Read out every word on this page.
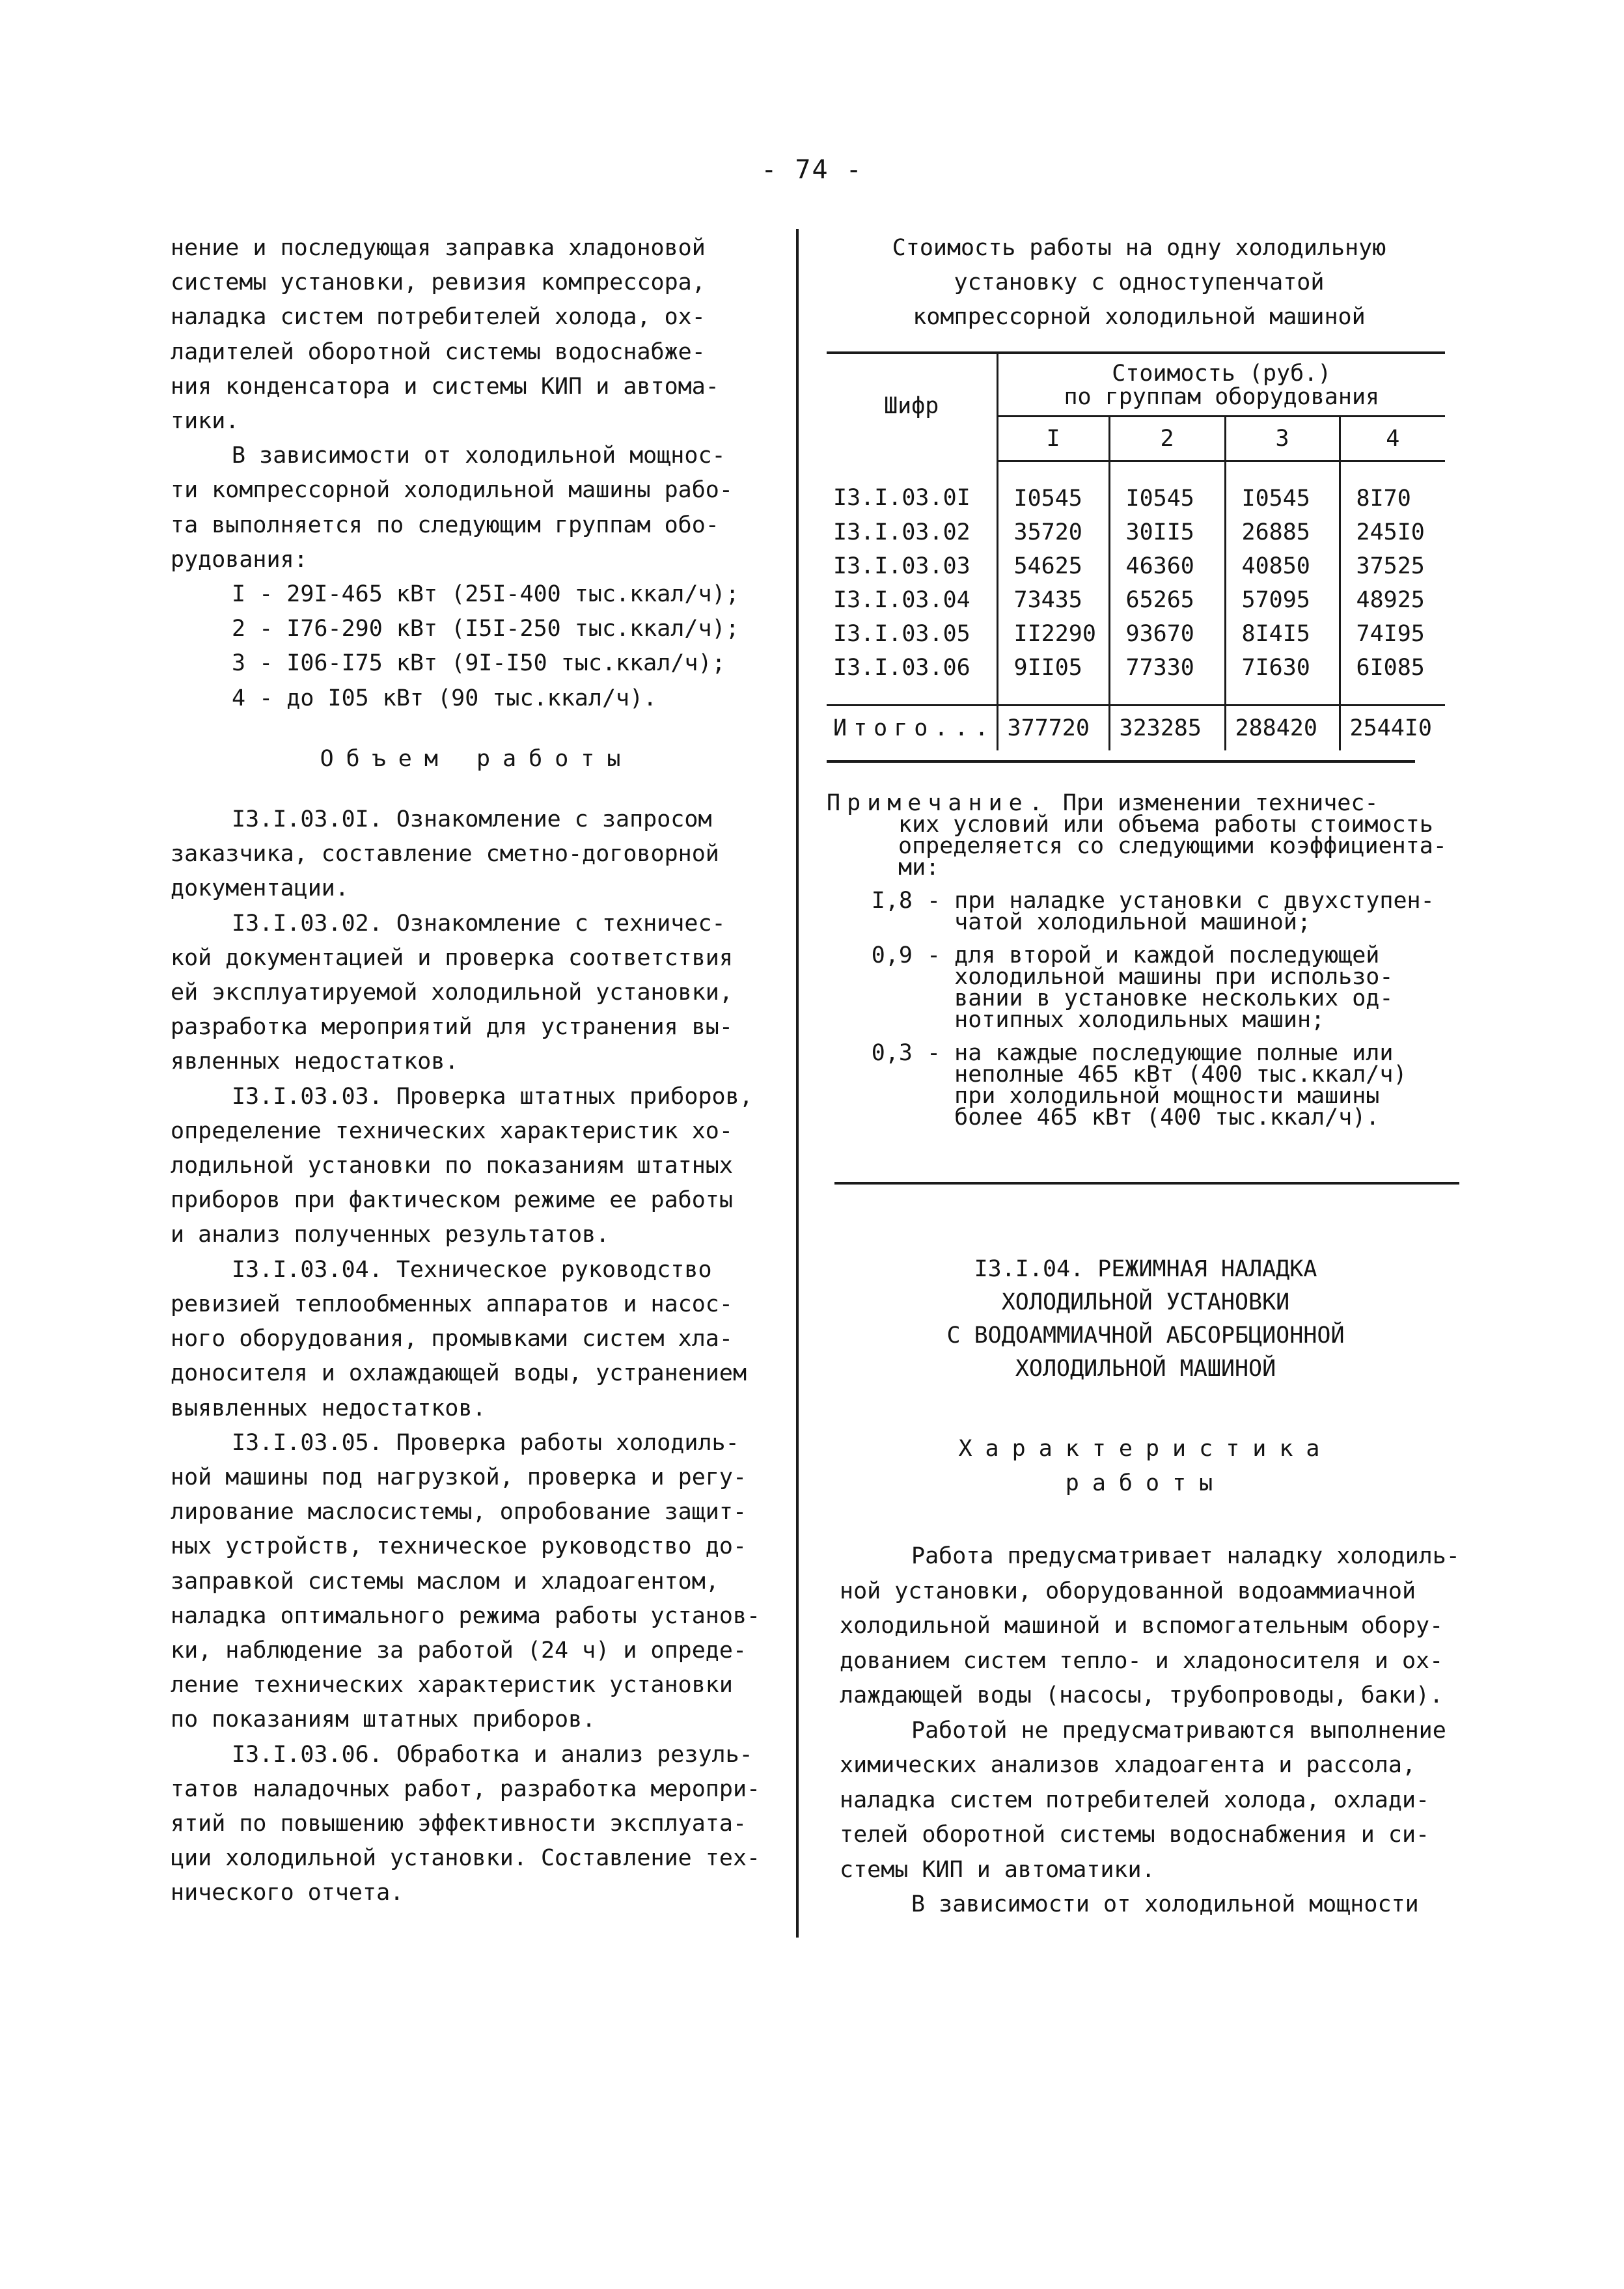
- 74 -

нение и последующая заправка хладоновой

системы установки, ревизия компрессора,

наладка систем потребителей холода, ох-

ладителей оборотной системы водоснабже-

ния конденсатора и системы КИП и автома-

тики.

В зависимости от холодильной мощнос-

ти компрессорной холодильной машины рабо-

та выполняется по следующим группам обо-

рудования:

I - 29I-465 кВт (25I-400 тыс.ккал/ч);

2 - I76-290 кВт (I5I-250 тыс.ккал/ч);

3 - I06-I75 кВт (9I-I50 тыс.ккал/ч);

4 - до I05 кВт (90 тыс.ккал/ч).

Объем работы

I3.I.03.0I. Ознакомление с запросом

заказчика, составление сметно-договорной

документации.

I3.I.03.02. Ознакомление с техничес-

кой документацией и проверка соответствия

ей эксплуатируемой холодильной установки,

разработка мероприятий для устранения вы-

явленных недостатков.

I3.I.03.03. Проверка штатных приборов,

определение технических характеристик хо-

лодильной установки по показаниям штатных

приборов при фактическом режиме ее работы

и анализ полученных результатов.

I3.I.03.04. Техническое руководство

ревизией теплообменных аппаратов и насос-

ного оборудования, промывками систем хла-

доносителя и охлаждающей воды, устранением

выявленных недостатков.

I3.I.03.05. Проверка работы холодиль-

ной машины под нагрузкой, проверка и регу-

лирование маслосистемы, опробование защит-

ных устройств, техническое руководство до-

заправкой системы маслом и хладоагентом,

наладка оптимального режима работы установ-

ки, наблюдение за работой (24 ч) и опреде-

ление технических характеристик установки

по показаниям штатных приборов.

I3.I.03.06. Обработка и анализ резуль-

татов наладочных работ, разработка меропри-

ятий по повышению эффективности эксплуата-

ции холодильной установки. Составление тех-

нического отчета.

Стоимость работы на одну холодильную

установку с одноступенчатой

компрессорной холодильной машиной

Шифр	Стоимость (руб.)
по группам оборудования			

	I	2	3	4
I3.I.03.0I	I0545	I0545	I0545	8I70
I3.I.03.02	35720	30II5	26885	245I0
I3.I.03.03	54625	46360	40850	37525
I3.I.03.04	73435	65265	57095	48925
I3.I.03.05	II2290	93670	8I4I5	74I95
I3.I.03.06	9II05	77330	7I630	6I085
Итого...	377720	323285	288420	2544I0

Примечание. При изменении техничес-

ких условий или объема работы стоимость

определяется со следующими коэффициента-

ми:

I,8 - при наладке установки с двухступен-

чатой холодильной машиной;

0,9 - для второй и каждой последующей

холодильной машины при использо-

вании в установке нескольких од-

нотипных холодильных машин;

0,3 - на каждые последующие полные или

неполные 465 кВт (400 тыс.ккал/ч)

при холодильной мощности машины

более 465 кВт (400 тыс.ккал/ч).

I3.I.04. РЕЖИМНАЯ НАЛАДКА

ХОЛОДИЛЬНОЙ УСТАНОВКИ

С ВОДОАММИАЧНОЙ АБСОРБЦИОННОЙ

ХОЛОДИЛЬНОЙ МАШИНОЙ

Характеристика

работы

Работа предусматривает наладку холодиль-

ной установки, оборудованной водоаммиачной

холодильной машиной и вспомогательным обору-

дованием систем тепло- и хладоносителя и ох-

лаждающей воды (насосы, трубопроводы, баки).

Работой не предусматриваются выполнение

химических анализов хладоагента и рассола,

наладка систем потребителей холода, охлади-

телей оборотной системы водоснабжения и си-

стемы КИП и автоматики.

В зависимости от холодильной мощности
